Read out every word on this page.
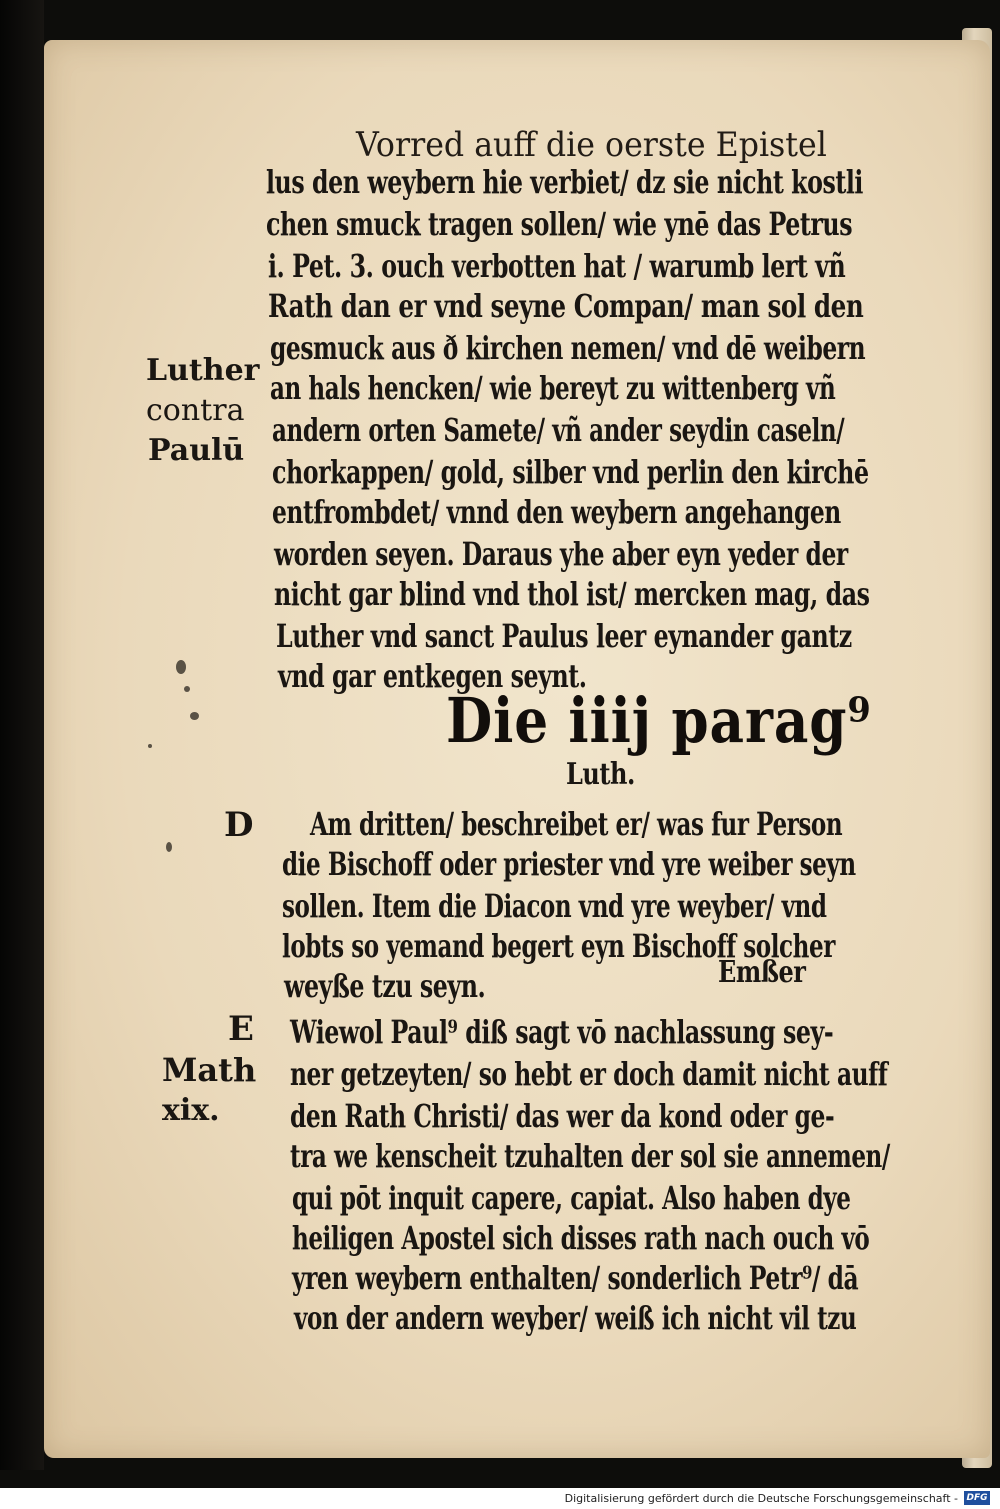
Vorred auff die oerste Epistel
lus den weybern hie verbiet/ dz sie nicht kostli
chen smuck tragen sollen/ wie ynē das Petrus
i. Pet. 3. ouch verbotten hat / warumb lert vñ
Rath dan er vnd seyne Compan/ man sol den
gesmuck aus ð kirchen nemen/ vnd dē weibern
an hals hencken/ wie bereyt zu wittenberg vñ
andern orten Samete/ vñ ander seydin caseln/
chorkappen/ gold, silber vnd perlin den kirchē
entfrombdet/ vnnd den weybern angehangen
worden seyen. Daraus yhe aber eyn yeder der
nicht gar blind vnd thol ist/ mercken mag, das
Luther vnd sanct Paulus leer eynander gantz
vnd gar entkegen seynt.
Luther
contra
Paulū
Die iiij parag⁹
Luth.
D Am dritten/ beschreibet er/ was fur Person
die Bischoff oder priester vnd yre weiber seyn
sollen. Item die Diacon vnd yre weyber/ vnd
lobts so yemand begert eyn Bischoff solcher
weyße tzu seyn.	Emßer
E
Math
xix.
Wiewol Paul⁹ diß sagt vō nachlassung sey-
ner getzeyten/ so hebt er doch damit nicht auff
den Rath Christi/ das wer da kond oder ge-
tra we kenscheit tzuhalten der sol sie annemen/
qui pōt inquit capere, capiat. Also haben dye
heiligen Apostel sich disses rath nach ouch vō
yren weybern enthalten/ sonderlich Petr⁹/ dā
von der andern weyber/ weiß ich nicht vil tzu
Digitalisierung gefördert durch die Deutsche Forschungsgemeinschaft - DFG
